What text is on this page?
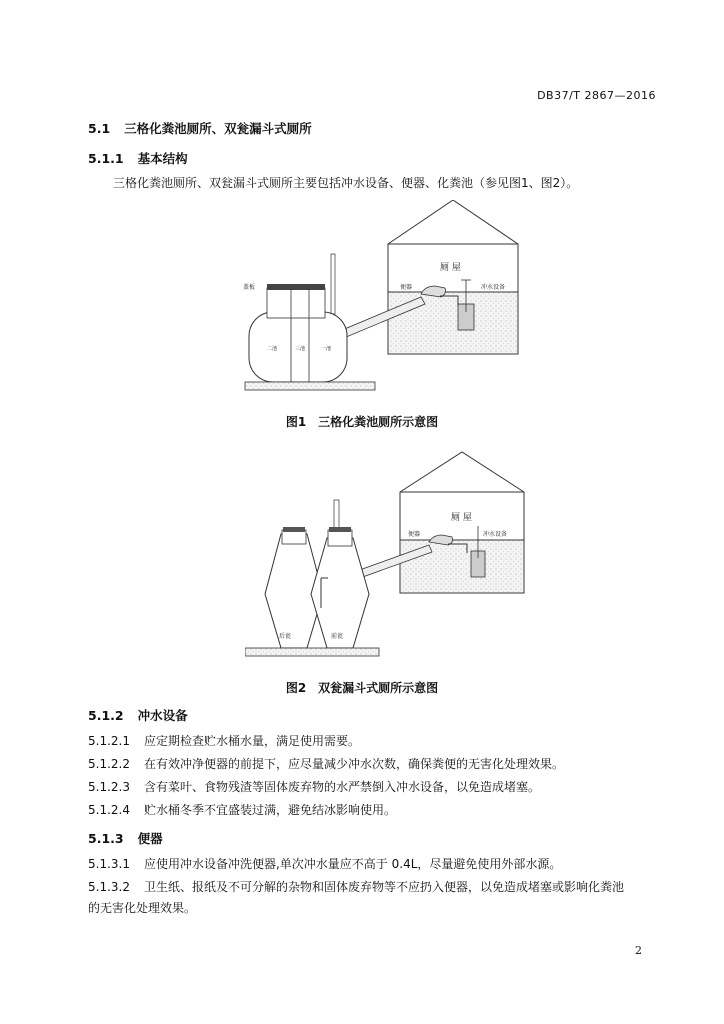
DB37/T 2867—2016
5.1 三格化粪池厕所、双瓮漏斗式厕所
5.1.1 基本结构
三格化粪池厕所、双瓮漏斗式厕所主要包括冲水设备、便器、化粪池（参见图1、图2）。
厕 屋
便器	冲水设备
盖板
二池	三池	一池
图1 三格化粪池厕所示意图
厕 屋
便器	冲水设备
后瓮	前瓮
图2 双瓮漏斗式厕所示意图
5.1.2 冲水设备
5.1.2.1 应定期检查贮水桶水量，满足使用需要。
5.1.2.2 在有效冲净便器的前提下，应尽量减少冲水次数，确保粪便的无害化处理效果。
5.1.2.3 含有菜叶、食物残渣等固体废弃物的水严禁倒入冲水设备，以免造成堵塞。
5.1.2.4 贮水桶冬季不宜盛装过满，避免结冰影响使用。
5.1.3 便器
5.1.3.1 应使用冲水设备冲洗便器,单次冲水量应不高于 0.4L，尽量避免使用外部水源。
5.1.3.2 卫生纸、报纸及不可分解的杂物和固体废弃物等不应扔入便器，以免造成堵塞或影响化粪池
的无害化处理效果。
2
